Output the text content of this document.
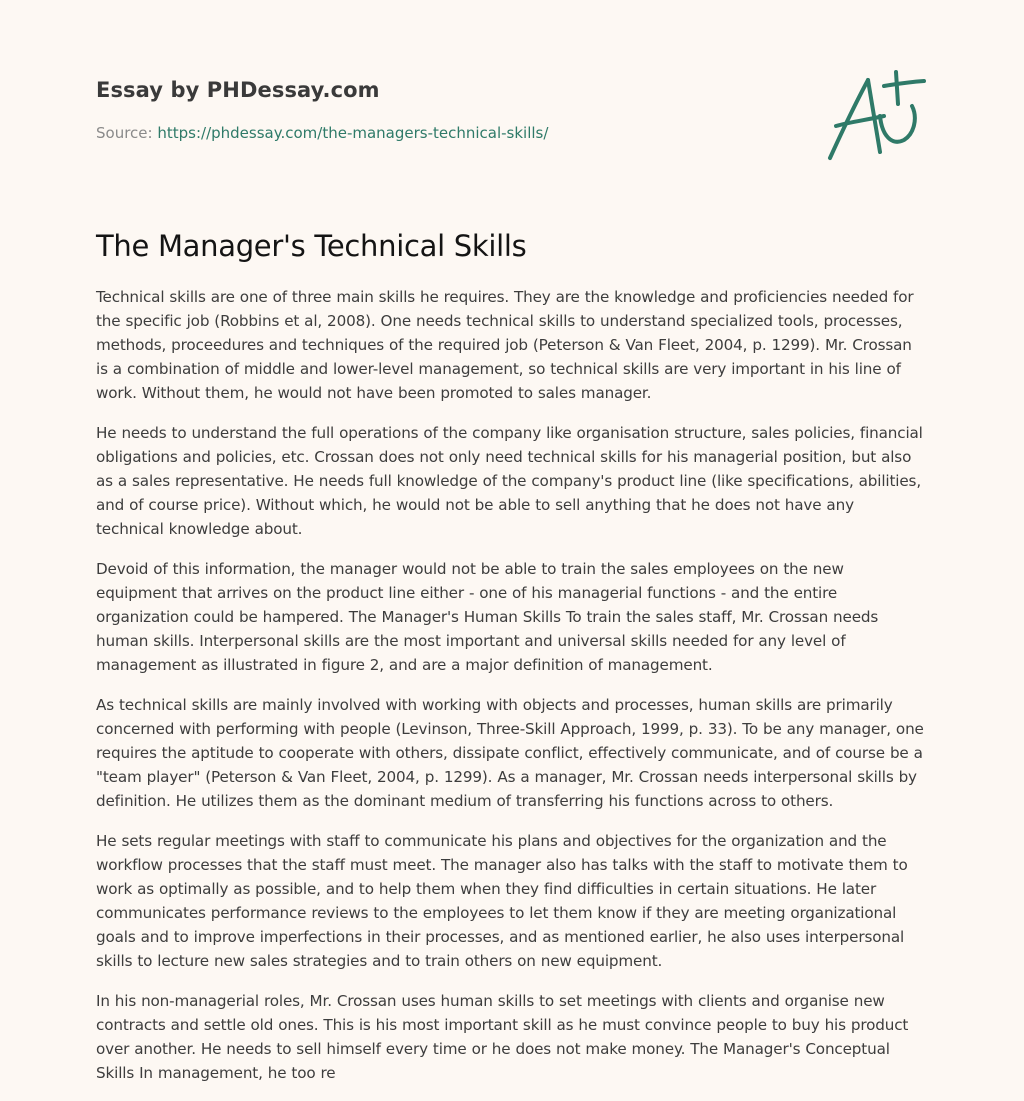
Essay by PHDessay.com
Source: https://phdessay.com/the-managers-technical-skills/
The Manager's Technical Skills

Technical skills are one of three main skills he requires. They are the knowledge and proficiencies needed for the specific job (Robbins et al, 2008). One needs technical skills to understand specialized tools, processes, methods, proceedures and techniques of the required job (Peterson & Van Fleet, 2004, p. 1299). Mr. Crossan is a combination of middle and lower-level management, so technical skills are very important in his line of work. Without them, he would not have been promoted to sales manager.

He needs to understand the full operations of the company like organisation structure, sales policies, financial obligations and policies, etc. Crossan does not only need technical skills for his managerial position, but also as a sales representative. He needs full knowledge of the company's product line (like specifications, abilities, and of course price). Without which, he would not be able to sell anything that he does not have any technical knowledge about.

Devoid of this information, the manager would not be able to train the sales employees on the new equipment that arrives on the product line either - one of his managerial functions - and the entire organization could be hampered. The Manager's Human Skills To train the sales staff, Mr. Crossan needs human skills. Interpersonal skills are the most important and universal skills needed for any level of management as illustrated in figure 2, and are a major definition of management.

As technical skills are mainly involved with working with objects and processes, human skills are primarily concerned with performing with people (Levinson, Three-Skill Approach, 1999, p. 33). To be any manager, one requires the aptitude to cooperate with others, dissipate conflict, effectively communicate, and of course be a "team player" (Peterson & Van Fleet, 2004, p. 1299). As a manager, Mr. Crossan needs interpersonal skills by definition. He utilizes them as the dominant medium of transferring his functions across to others.

He sets regular meetings with staff to communicate his plans and objectives for the organization and the workflow processes that the staff must meet. The manager also has talks with the staff to motivate them to work as optimally as possible, and to help them when they find difficulties in certain situations. He later communicates performance reviews to the employees to let them know if they are meeting organizational goals and to improve imperfections in their processes, and as mentioned earlier, he also uses interpersonal skills to lecture new sales strategies and to train others on new equipment.

In his non-managerial roles, Mr. Crossan uses human skills to set meetings with clients and organise new contracts and settle old ones. This is his most important skill as he must convince people to buy his product over another. He needs to sell himself every time or he does not make money. The Manager's Conceptual Skills In management, he too re
